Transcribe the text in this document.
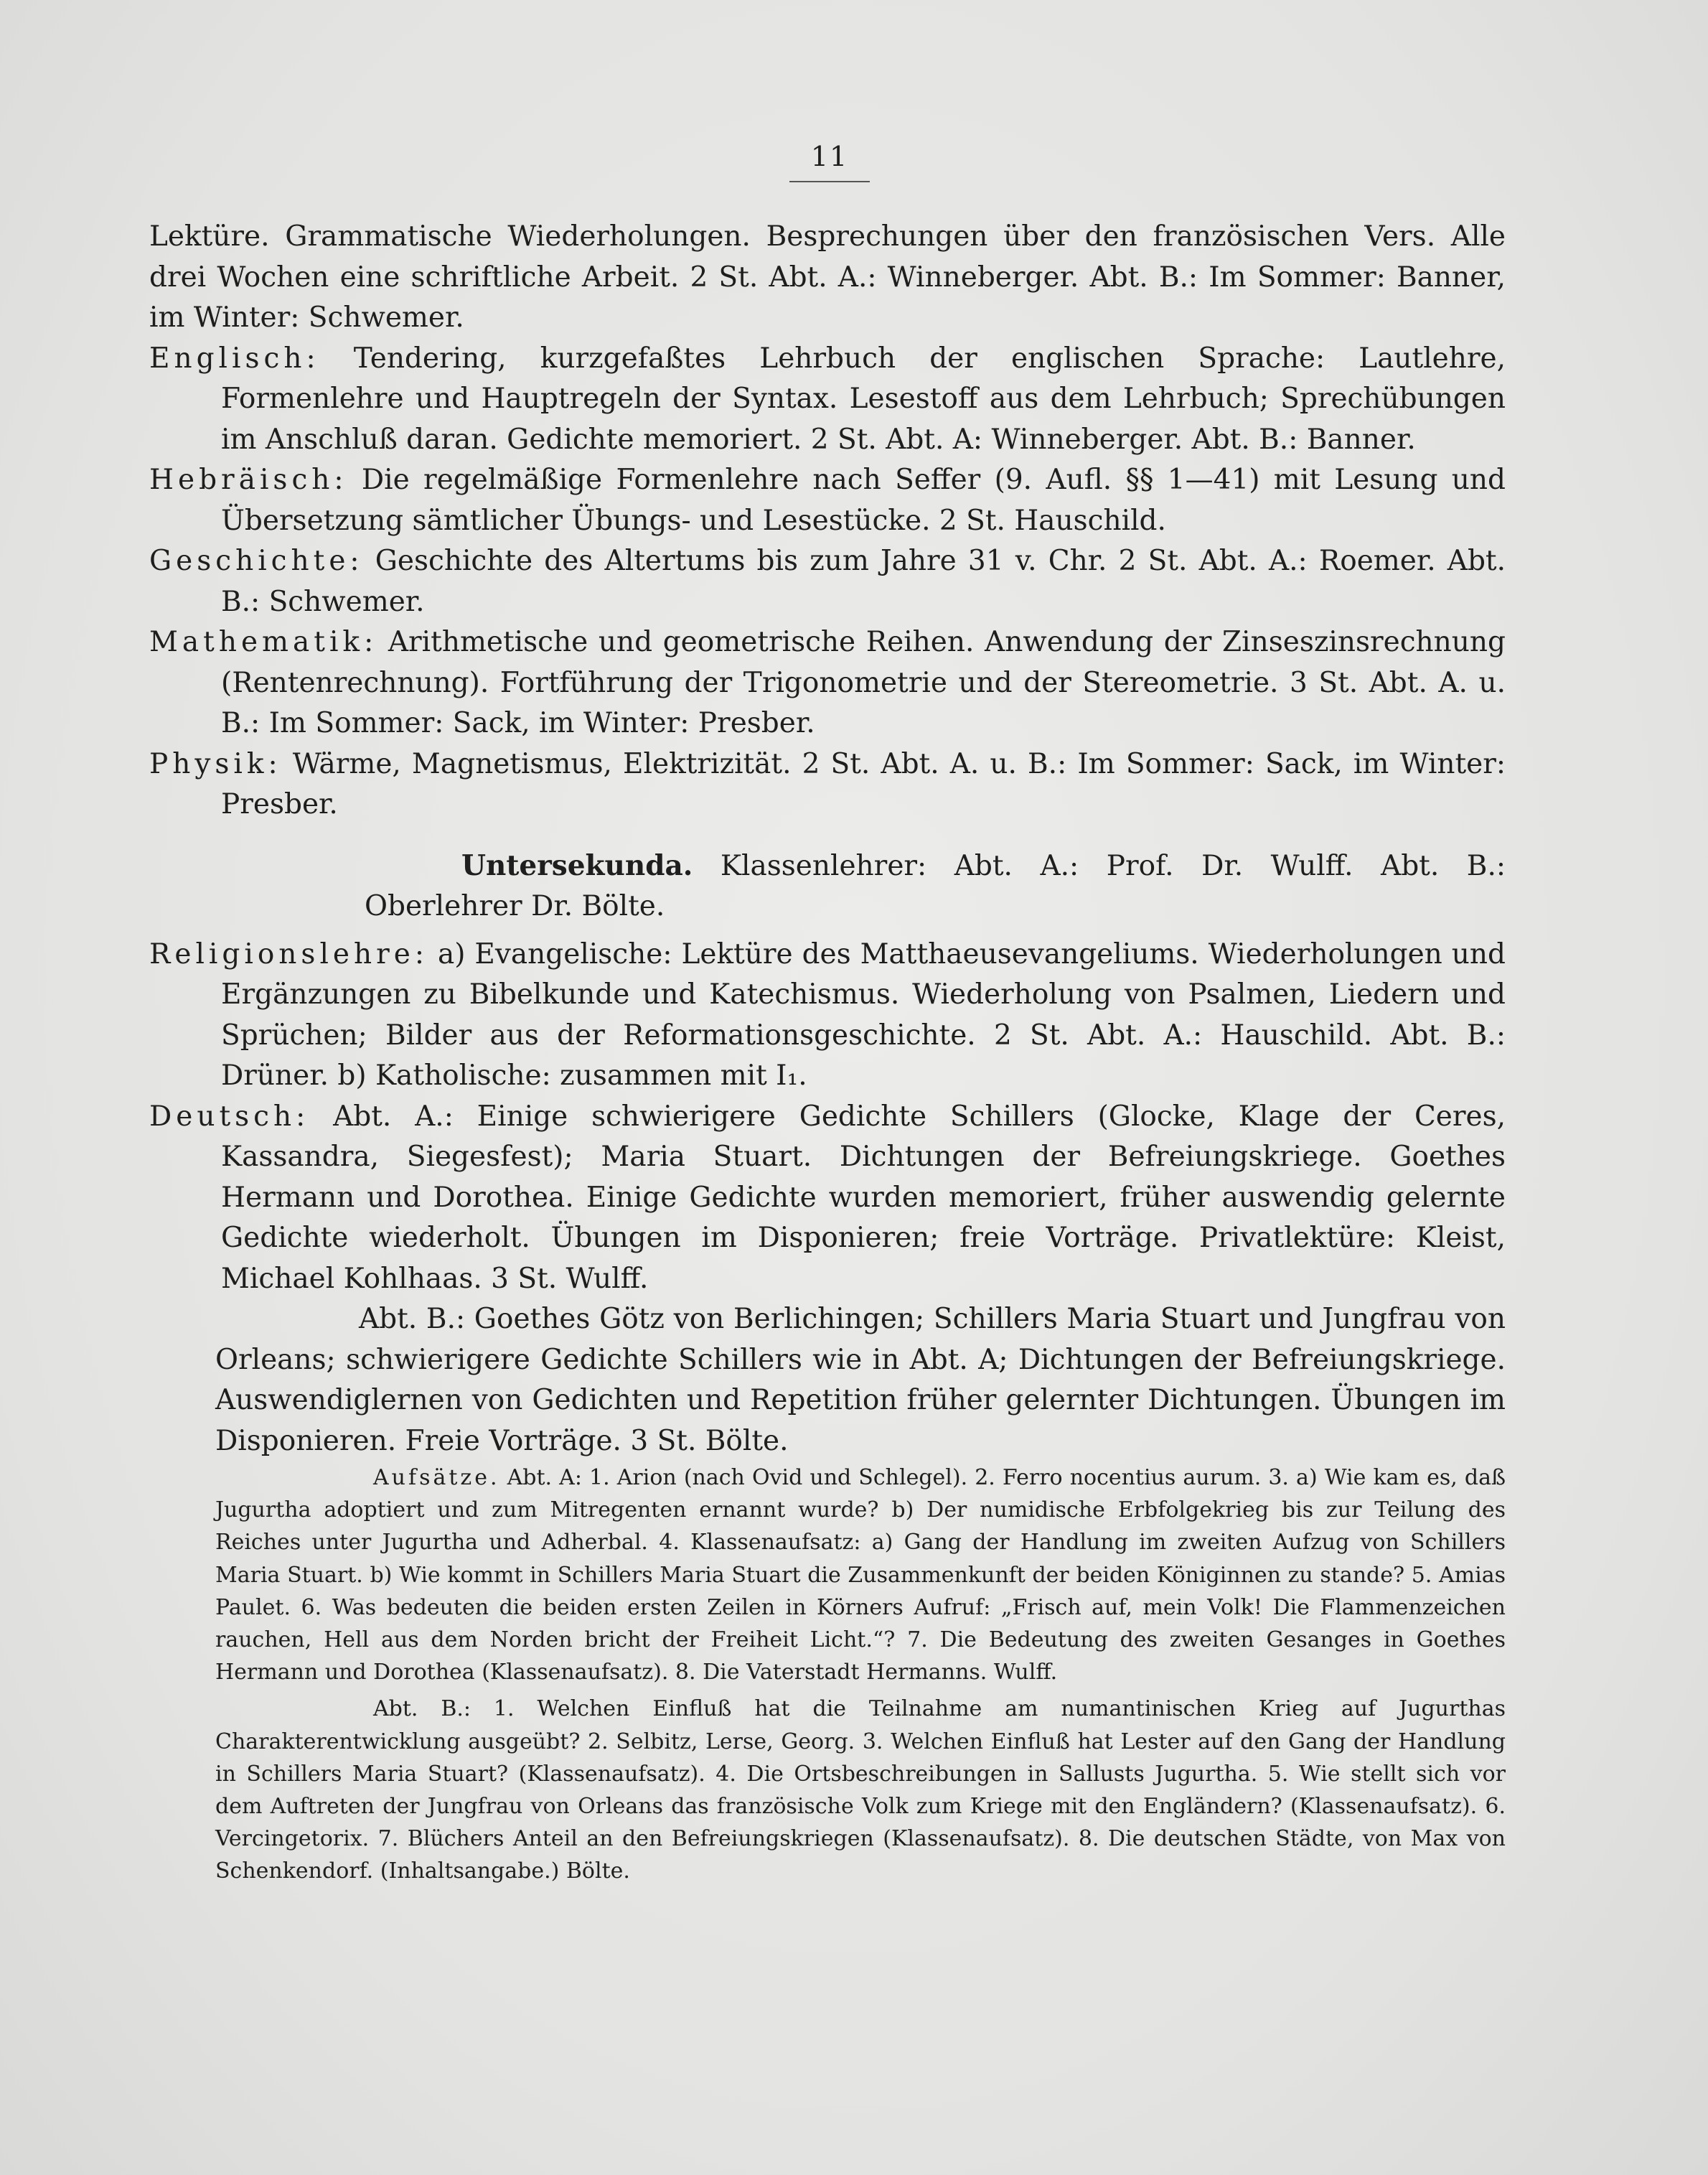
11

Lektüre. Grammatische Wiederholungen. Besprechungen über den französischen Vers. Alle drei Wochen eine schriftliche Arbeit. 2 St. Abt. A.: Winneberger. Abt. B.: Im Sommer: Banner, im Winter: Schwemer.

Englisch: Tendering, kurzgefaßtes Lehrbuch der englischen Sprache: Lautlehre, Formenlehre und Hauptregeln der Syntax. Lesestoff aus dem Lehrbuch; Sprechübungen im Anschluß daran. Gedichte memoriert. 2 St. Abt. A: Winneberger. Abt. B.: Banner.

Hebräisch: Die regelmäßige Formenlehre nach Seffer (9. Aufl. §§ 1—41) mit Lesung und Übersetzung sämtlicher Übungs- und Lesestücke. 2 St. Hauschild.

Geschichte: Geschichte des Altertums bis zum Jahre 31 v. Chr. 2 St. Abt. A.: Roemer. Abt. B.: Schwemer.

Mathematik: Arithmetische und geometrische Reihen. Anwendung der Zinseszinsrechnung (Rentenrechnung). Fortführung der Trigonometrie und der Stereometrie. 3 St. Abt. A. u. B.: Im Sommer: Sack, im Winter: Presber.

Physik: Wärme, Magnetismus, Elektrizität. 2 St. Abt. A. u. B.: Im Sommer: Sack, im Winter: Presber.

Untersekunda. Klassenlehrer: Abt. A.: Prof. Dr. Wulff. Abt. B.: Oberlehrer Dr. Bölte.

Religionslehre: a) Evangelische: Lektüre des Matthaeusevangeliums. Wiederholungen und Ergänzungen zu Bibelkunde und Katechismus. Wiederholung von Psalmen, Liedern und Sprüchen; Bilder aus der Reformationsgeschichte. 2 St. Abt. A.: Hauschild. Abt. B.: Drüner. b) Katholische: zusammen mit I₁.

Deutsch: Abt. A.: Einige schwierigere Gedichte Schillers (Glocke, Klage der Ceres, Kassandra, Siegesfest); Maria Stuart. Dichtungen der Befreiungskriege. Goethes Hermann und Dorothea. Einige Gedichte wurden memoriert, früher auswendig gelernte Gedichte wiederholt. Übungen im Disponieren; freie Vorträge. Privatlektüre: Kleist, Michael Kohlhaas. 3 St. Wulff.

Abt. B.: Goethes Götz von Berlichingen; Schillers Maria Stuart und Jungfrau von Orleans; schwierigere Gedichte Schillers wie in Abt. A; Dichtungen der Befreiungskriege. Auswendiglernen von Gedichten und Repetition früher gelernter Dichtungen. Übungen im Disponieren. Freie Vorträge. 3 St. Bölte.

Aufsätze. Abt. A: 1. Arion (nach Ovid und Schlegel). 2. Ferro nocentius aurum. 3. a) Wie kam es, daß Jugurtha adoptiert und zum Mitregenten ernannt wurde? b) Der numidische Erbfolgekrieg bis zur Teilung des Reiches unter Jugurtha und Adherbal. 4. Klassenaufsatz: a) Gang der Handlung im zweiten Aufzug von Schillers Maria Stuart. b) Wie kommt in Schillers Maria Stuart die Zusammenkunft der beiden Königinnen zu stande? 5. Amias Paulet. 6. Was bedeuten die beiden ersten Zeilen in Körners Aufruf: „Frisch auf, mein Volk! Die Flammenzeichen rauchen, Hell aus dem Norden bricht der Freiheit Licht.“? 7. Die Bedeutung des zweiten Gesanges in Goethes Hermann und Dorothea (Klassenaufsatz). 8. Die Vaterstadt Hermanns. Wulff.

Abt. B.: 1. Welchen Einfluß hat die Teilnahme am numantinischen Krieg auf Jugurthas Charakterentwicklung ausgeübt? 2. Selbitz, Lerse, Georg. 3. Welchen Einfluß hat Lester auf den Gang der Handlung in Schillers Maria Stuart? (Klassenaufsatz). 4. Die Ortsbeschreibungen in Sallusts Jugurtha. 5. Wie stellt sich vor dem Auftreten der Jungfrau von Orleans das französische Volk zum Kriege mit den Engländern? (Klassenaufsatz). 6. Vercingetorix. 7. Blüchers Anteil an den Befreiungskriegen (Klassenaufsatz). 8. Die deutschen Städte, von Max von Schenkendorf. (Inhaltsangabe.) Bölte.
